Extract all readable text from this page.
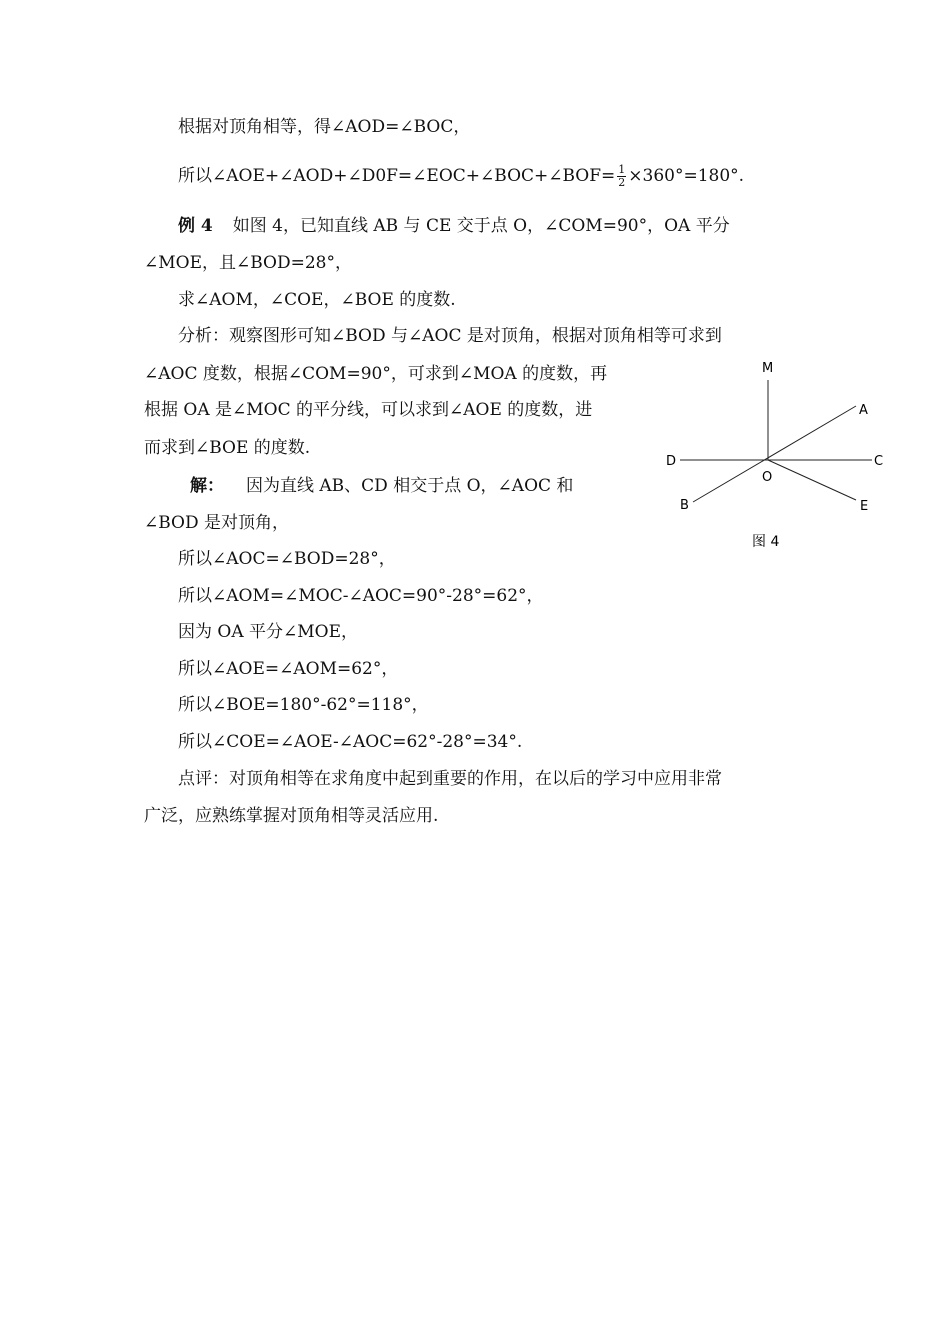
根据对顶角相等，得∠AOD=∠BOC，
所以∠AOE+∠AOD+∠D0F=∠EOC+∠BOC+∠BOF= $\frac{1}{2} \times 360^\circ=180^\circ$.
例 4 如图 4，已知直线 AB 与 CE 交于点 O，∠COM=90°，OA 平分
∠MOE，且∠BOD=28°，
求∠AOM，∠COE，∠BOE 的度数.
分析：观察图形可知∠BOD 与∠AOC 是对顶角，根据对顶角相等可求到
∠AOC 度数，根据∠COM=90°，可求到∠MOA 的度数，再
根据 OA 是∠MOC 的平分线，可以求到∠AOE 的度数，进
而求到∠BOE 的度数.
解： 因为直线 AB、CD 相交于点 O，∠AOC 和
∠BOD 是对顶角，
所以∠AOC=∠BOD=28°，
所以∠AOM=∠MOC-∠AOC=90°-28°=62°，
因为 OA 平分∠MOE，
所以∠AOE=∠AOM=62°，
所以∠BOE=180°-62°=118°，
所以∠COE=∠AOE-∠AOC=62°-28°=34°.
点评：对顶角相等在求角度中起到重要的作用，在以后的学习中应用非常
广泛，应熟练掌握对顶角相等灵活应用.
M
A
D	C
O
B	E
图 4
